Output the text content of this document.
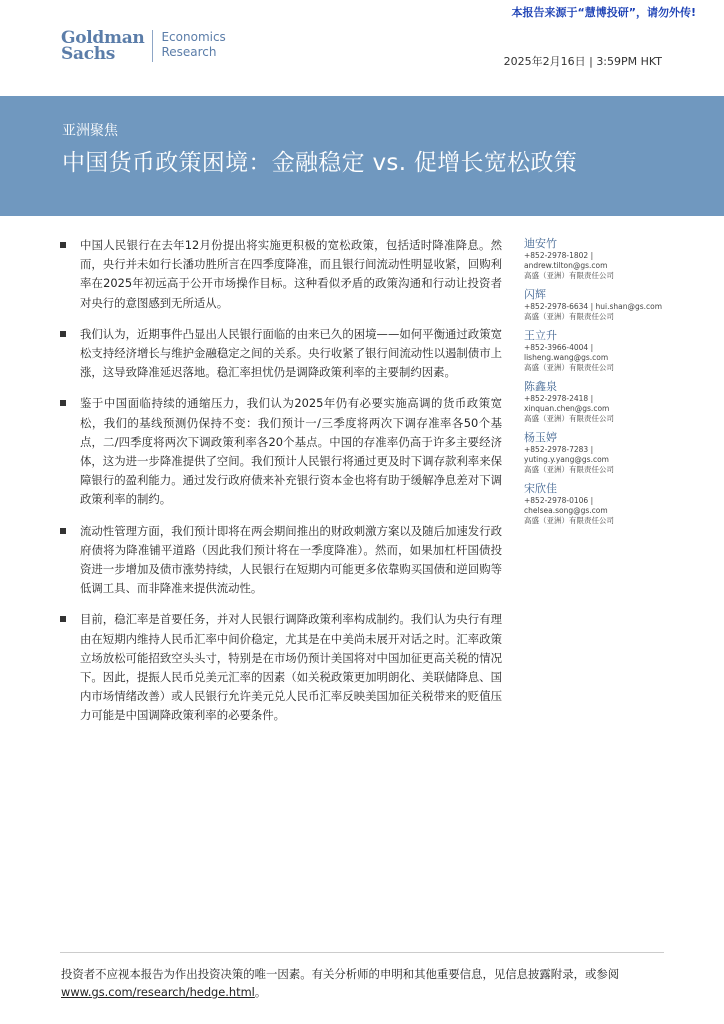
本报告来源于“慧博投研”，请勿外传!
Goldman
Sachs
Economics
Research
2025年2月16日 | 3:59PM HKT
亚洲聚焦
中国货币政策困境：金融稳定 vs. 促增长宽松政策
中国人民银行在去年12月份提出将实施更积极的宽松政策，包括适时降准降息。然而，央行并未如行长潘功胜所言在四季度降准，而且银行间流动性明显收紧，回购利率在2025年初远高于公开市场操作目标。这种看似矛盾的政策沟通和行动让投资者对央行的意图感到无所适从。
我们认为，近期事件凸显出人民银行面临的由来已久的困境——如何平衡通过政策宽松支持经济增长与维护金融稳定之间的关系。央行收紧了银行间流动性以遏制债市上涨，这导致降准延迟落地。稳汇率担忧仍是调降政策利率的主要制约因素。
鉴于中国面临持续的通缩压力，我们认为2025年仍有必要实施高调的货币政策宽松，我们的基线预测仍保持不变：我们预计一/三季度将两次下调存准率各50个基点，二/四季度将两次下调政策利率各20个基点。中国的存准率仍高于许多主要经济体，这为进一步降准提供了空间。我们预计人民银行将通过更及时下调存款利率来保障银行的盈利能力。通过发行政府债来补充银行资本金也将有助于缓解净息差对下调政策利率的制约。
流动性管理方面，我们预计即将在两会期间推出的财政刺激方案以及随后加速发行政府债将为降准铺平道路（因此我们预计将在一季度降准）。然而，如果加杠杆国债投资进一步增加及债市涨势持续，人民银行在短期内可能更多依靠购买国债和逆回购等低调工具、而非降准来提供流动性。
目前，稳汇率是首要任务，并对人民银行调降政策利率构成制约。我们认为央行有理由在短期内维持人民币汇率中间价稳定，尤其是在中美尚未展开对话之时。汇率政策立场放松可能招致空头头寸，特别是在市场仍预计美国将对中国加征更高关税的情况下。因此，提振人民币兑美元汇率的因素（如关税政策更加明朗化、美联储降息、国内市场情绪改善）或人民银行允许美元兑人民币汇率反映美国加征关税带来的贬值压力可能是中国调降政策利率的必要条件。
迪安竹
+852-2978-1802 |
andrew.tilton@gs.com
高盛（亚洲）有限责任公司
闪辉
+852-2978-6634 | hui.shan@gs.com
高盛（亚洲）有限责任公司
王立升
+852-3966-4004 |
lisheng.wang@gs.com
高盛（亚洲）有限责任公司
陈鑫泉
+852-2978-2418 |
xinquan.chen@gs.com
高盛（亚洲）有限责任公司
杨玉婷
+852-2978-7283 |
yuting.y.yang@gs.com
高盛（亚洲）有限责任公司
宋欣佳
+852-2978-0106 |
chelsea.song@gs.com
高盛（亚洲）有限责任公司
投资者不应视本报告为作出投资决策的唯一因素。有关分析师的申明和其他重要信息，见信息披露附录，或参阅
www.gs.com/research/hedge.html。
